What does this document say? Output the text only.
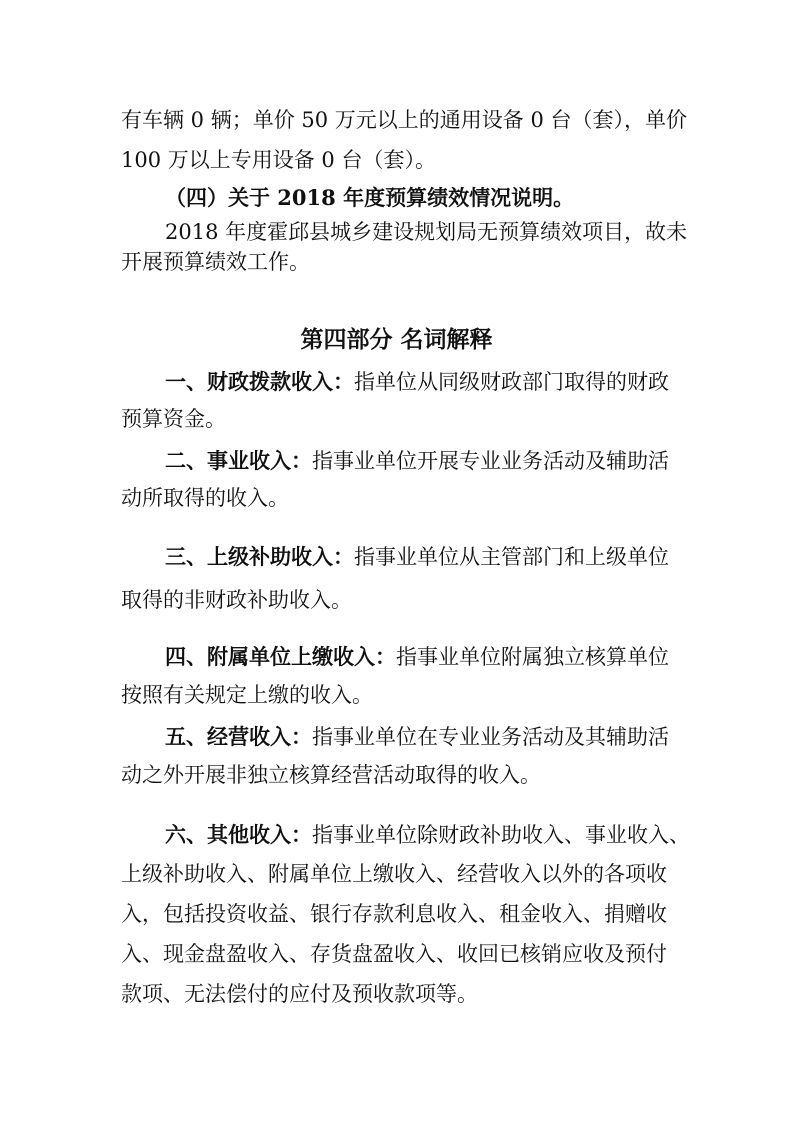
有车辆 0 辆；单价 50 万元以上的通用设备 0 台（套），单价
100 万以上专用设备 0 台（套）。
（四）关于 2018 年度预算绩效情况说明。
2018 年度霍邱县城乡建设规划局无预算绩效项目，故未
开展预算绩效工作。
第四部分 名词解释
一、财政拨款收入：指单位从同级财政部门取得的财政
预算资金。
二、事业收入：指事业单位开展专业业务活动及辅助活
动所取得的收入。
三、上级补助收入：指事业单位从主管部门和上级单位
取得的非财政补助收入。
四、附属单位上缴收入：指事业单位附属独立核算单位
按照有关规定上缴的收入。
五、经营收入：指事业单位在专业业务活动及其辅助活
动之外开展非独立核算经营活动取得的收入。
六、其他收入：指事业单位除财政补助收入、事业收入、
上级补助收入、附属单位上缴收入、经营收入以外的各项收
入，包括投资收益、银行存款利息收入、租金收入、捐赠收
入、现金盘盈收入、存货盘盈收入、收回已核销应收及预付
款项、无法偿付的应付及预收款项等。
